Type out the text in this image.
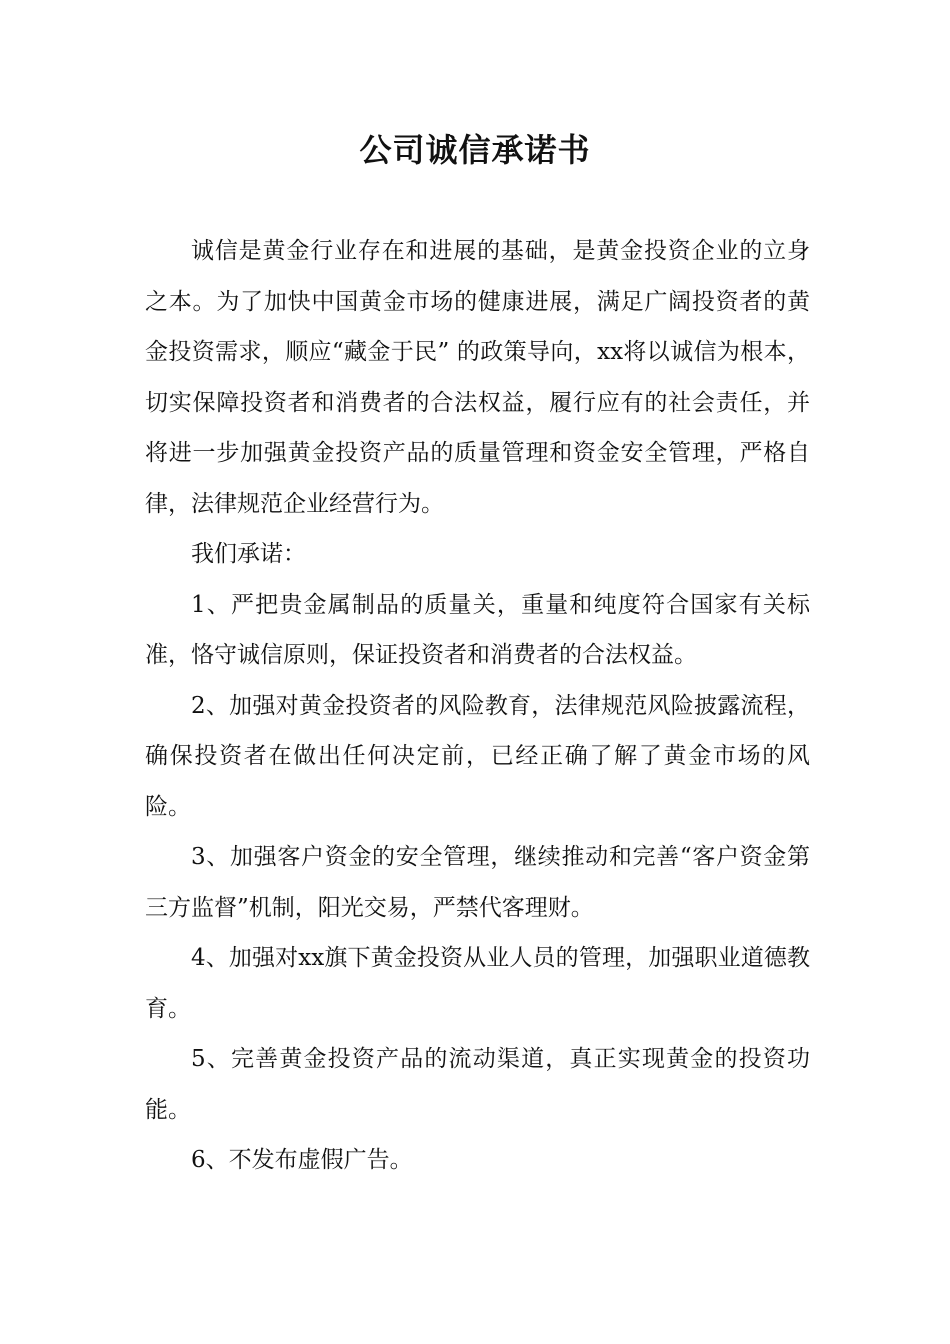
公司诚信承诺书

诚信是黄金行业存在和进展的基础，是黄金投资企业的立身之本。为了加快中国黄金市场的健康进展，满足广阔投资者的黄金投资需求，顺应“藏金于民” 的政策导向，xx将以诚信为根本，切实保障投资者和消费者的合法权益，履行应有的社会责任，并将进一步加强黄金投资产品的质量管理和资金安全管理，严格自律，法律规范企业经营行为。

我们承诺：

1、严把贵金属制品的质量关，重量和纯度符合国家有关标准，恪守诚信原则，保证投资者和消费者的合法权益。

2、加强对黄金投资者的风险教育，法律规范风险披露流程，确保投资者在做出任何决定前，已经正确了解了黄金市场的风险。

3、加强客户资金的安全管理，继续推动和完善“客户资金第三方监督”机制，阳光交易，严禁代客理财。

4、加强对xx旗下黄金投资从业人员的管理，加强职业道德教育。

5、完善黄金投资产品的流动渠道，真正实现黄金的投资功能。

6、不发布虚假广告。
